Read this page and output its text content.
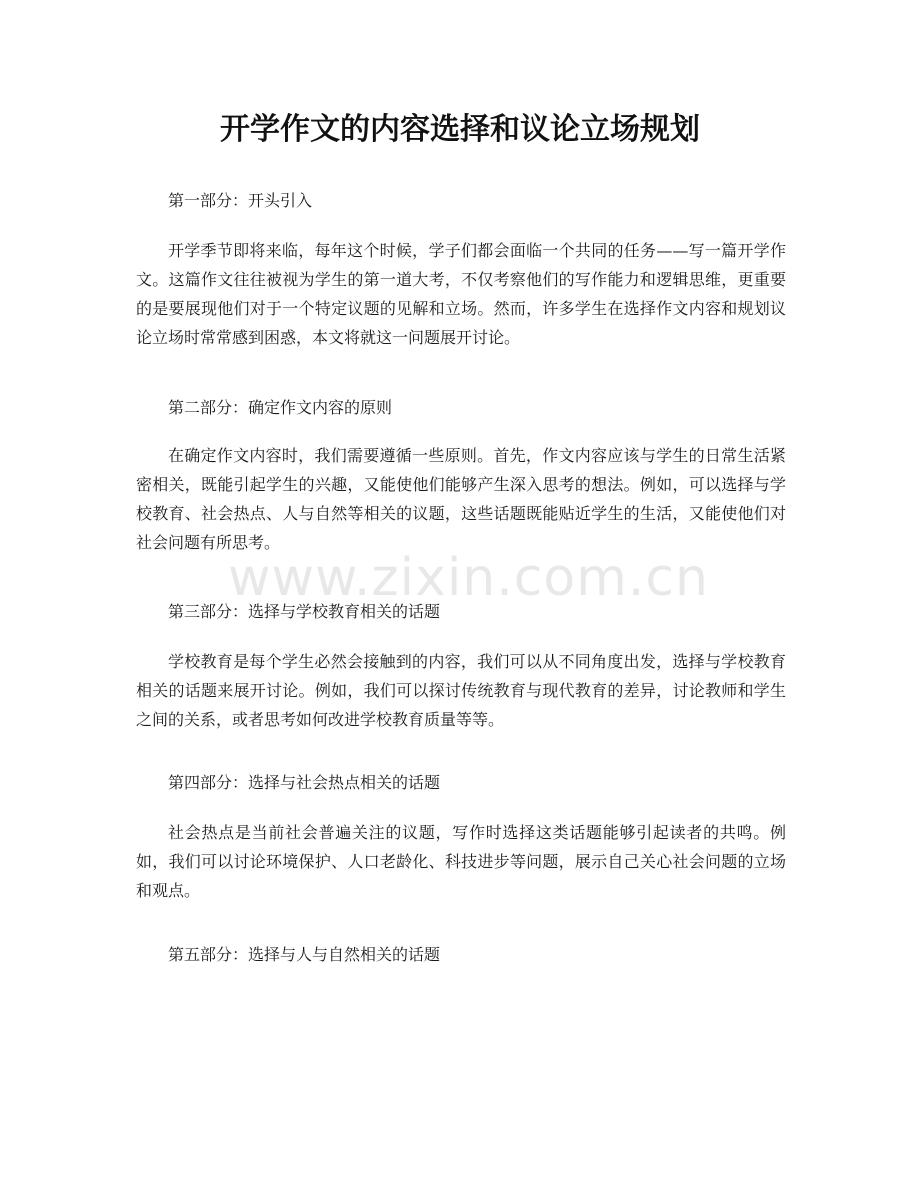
开学作文的内容选择和议论立场规划

第一部分：开头引入

开学季节即将来临，每年这个时候，学子们都会面临一个共同的任务——写一篇开学作文。这篇作文往往被视为学生的第一道大考，不仅考察他们的写作能力和逻辑思维，更重要的是要展现他们对于一个特定议题的见解和立场。然而，许多学生在选择作文内容和规划议论立场时常常感到困惑，本文将就这一问题展开讨论。

第二部分：确定作文内容的原则

在确定作文内容时，我们需要遵循一些原则。首先，作文内容应该与学生的日常生活紧密相关，既能引起学生的兴趣，又能使他们能够产生深入思考的想法。例如，可以选择与学校教育、社会热点、人与自然等相关的议题，这些话题既能贴近学生的生活，又能使他们对社会问题有所思考。

第三部分：选择与学校教育相关的话题

学校教育是每个学生必然会接触到的内容，我们可以从不同角度出发，选择与学校教育相关的话题来展开讨论。例如，我们可以探讨传统教育与现代教育的差异，讨论教师和学生之间的关系，或者思考如何改进学校教育质量等等。

第四部分：选择与社会热点相关的话题

社会热点是当前社会普遍关注的议题，写作时选择这类话题能够引起读者的共鸣。例如，我们可以讨论环境保护、人口老龄化、科技进步等问题，展示自己关心社会问题的立场和观点。

第五部分：选择与人与自然相关的话题

www.zixin.com.cn
